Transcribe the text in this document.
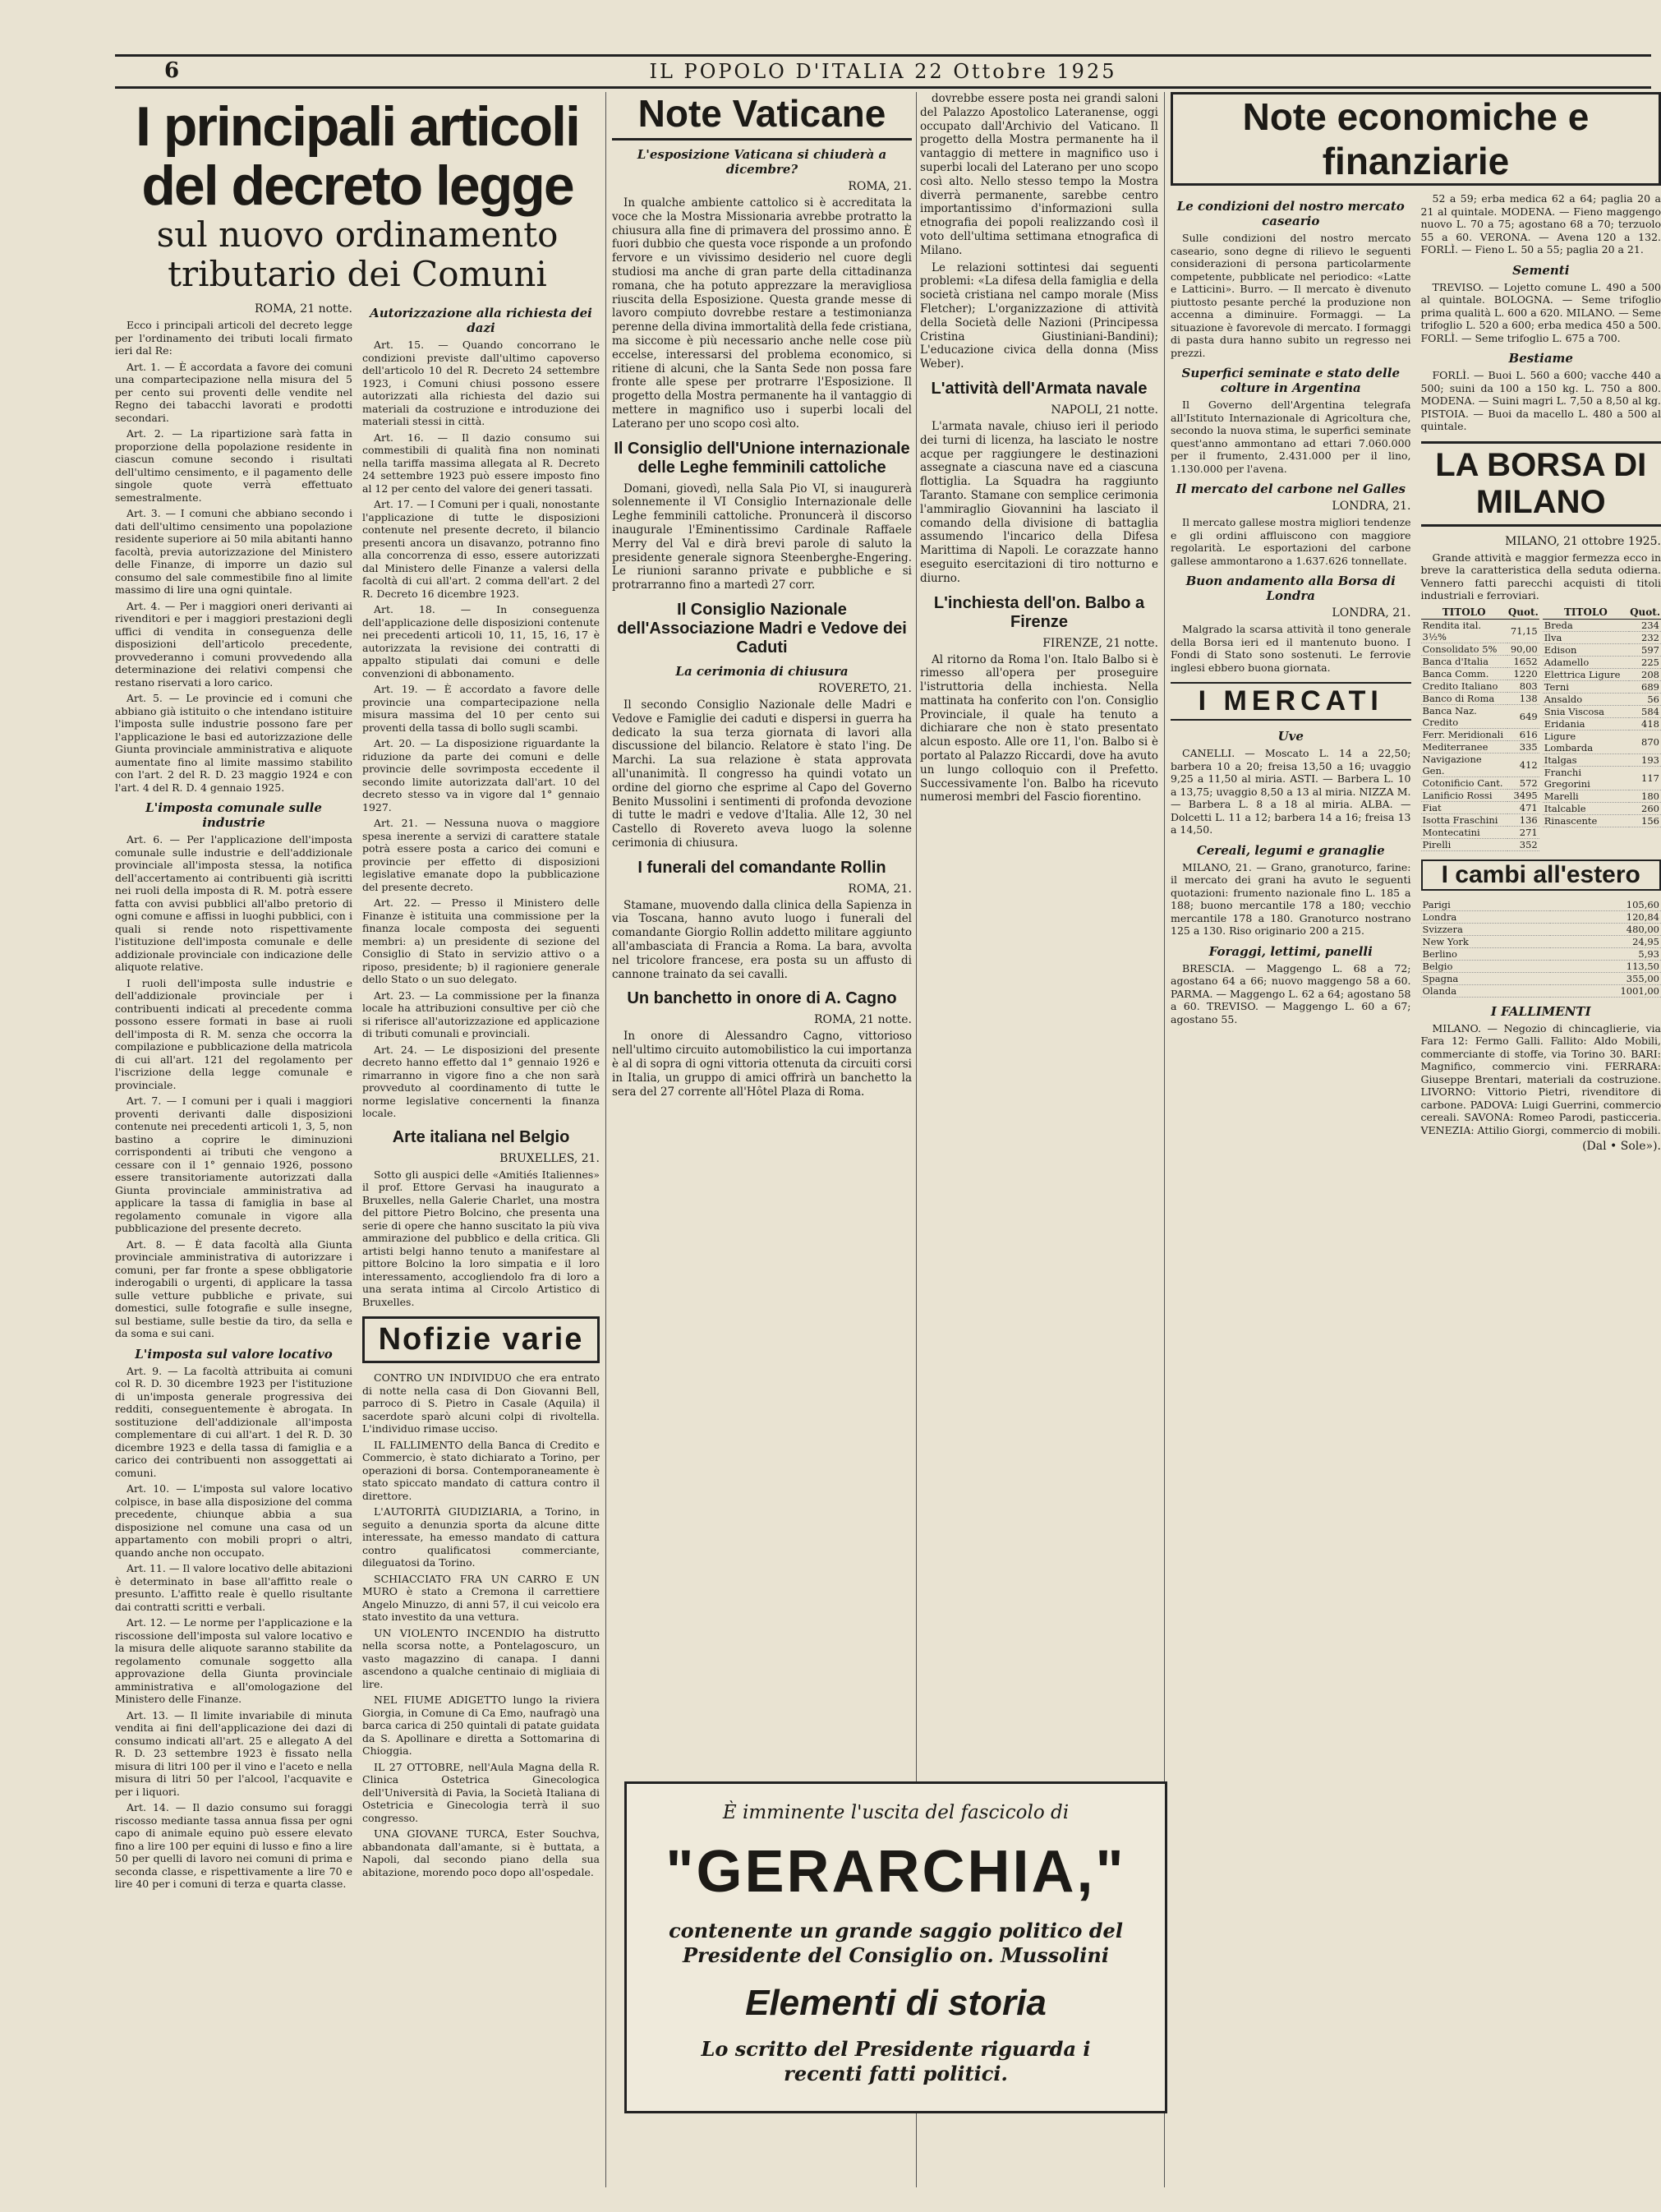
6	IL POPOLO D'ITALIA 22 Ottobre 1925
I principali articoli del decreto legge
sul nuovo ordinamento tributario dei Comuni
ROMA, 21 notte.

Ecco i principali articoli del decreto legge per l'ordinamento dei tributi locali firmato ieri dal Re:

Art. 1. — È accordata a favore dei comuni una compartecipazione nella misura del 5 per cento sui proventi delle vendite nel Regno dei tabacchi lavorati e prodotti secondari.

Art. 2. — La ripartizione sarà fatta in proporzione della popolazione residente in ciascun comune secondo i risultati dell'ultimo censimento, e il pagamento delle singole quote verrà effettuato semestralmente.

Art. 3. — I comuni che abbiano secondo i dati dell'ultimo censimento una popolazione residente superiore ai 50 mila abitanti hanno facoltà, previa autorizzazione del Ministero delle Finanze, di imporre un dazio sul consumo del sale commestibile fino al limite massimo di lire una ogni quintale.

Art. 4. — Per i maggiori oneri derivanti ai rivenditori e per i maggiori prestazioni degli uffici di vendita in conseguenza delle disposizioni dell'articolo precedente, provvederanno i comuni provvedendo alla determinazione dei relativi compensi che restano riservati a loro carico.

Art. 5. — Le provincie ed i comuni che abbiano già istituito o che intendano istituire l'imposta sulle industrie possono fare per l'applicazione le basi ed autorizzazione delle Giunta provinciale amministrativa e aliquote aumentate fino al limite massimo stabilito con l'art. 2 del R. D. 23 maggio 1924 e con l'art. 4 del R. D. 4 gennaio 1925.

L'imposta comunale sulle industrie

Art. 6. — Per l'applicazione dell'imposta comunale sulle industrie e dell'addizionale provinciale all'imposta stessa, la notifica dell'accertamento ai contribuenti già iscritti nei ruoli della imposta di R. M. potrà essere fatta con avvisi pubblici all'albo pretorio di ogni comune e affissi in luoghi pubblici, con i quali si rende noto rispettivamente l'istituzione dell'imposta comunale e delle addizionale provinciale con indicazione delle aliquote relative.

I ruoli dell'imposta sulle industrie e dell'addizionale provinciale per i contribuenti indicati al precedente comma possono essere formati in base ai ruoli dell'imposta di R. M. senza che occorra la compilazione e pubblicazione della matricola di cui all'art. 121 del regolamento per l'iscrizione della legge comunale e provinciale.

Art. 7. — I comuni per i quali i maggiori proventi derivanti dalle disposizioni contenute nei precedenti articoli 1, 3, 5, non bastino a coprire le diminuzioni corrispondenti ai tributi che vengono a cessare con il 1° gennaio 1926, possono essere transitoriamente autorizzati dalla Giunta provinciale amministrativa ad applicare la tassa di famiglia in base al regolamento comunale in vigore alla pubblicazione del presente decreto.

Art. 8. — È data facoltà alla Giunta provinciale amministrativa di autorizzare i comuni, per far fronte a spese obbligatorie inderogabili o urgenti, di applicare la tassa sulle vetture pubbliche e private, sui domestici, sulle fotografie e sulle insegne, sul bestiame, sulle bestie da tiro, da sella e da soma e sui cani.

L'imposta sul valore locativo

Art. 9. — La facoltà attribuita ai comuni col R. D. 30 dicembre 1923 per l'istituzione di un'imposta generale progressiva dei redditi, conseguentemente è abrogata. In sostituzione dell'addizionale all'imposta complementare di cui all'art. 1 del R. D. 30 dicembre 1923 e della tassa di famiglia e a carico dei contribuenti non assoggettati ai comuni.

Art. 10. — L'imposta sul valore locativo colpisce, in base alla disposizione del comma precedente, chiunque abbia a sua disposizione nel comune una casa od un appartamento con mobili propri o altri, quando anche non occupato.

Art. 11. — Il valore locativo delle abitazioni è determinato in base all'affitto reale o presunto. L'affitto reale è quello risultante dai contratti scritti e verbali.

Art. 12. — Le norme per l'applicazione e la riscossione dell'imposta sul valore locativo e la misura delle aliquote saranno stabilite da regolamento comunale soggetto alla approvazione della Giunta provinciale amministrativa e all'omologazione del Ministero delle Finanze.

Art. 13. — Il limite invariabile di minuta vendita ai fini dell'applicazione dei dazi di consumo indicati all'art. 25 e allegato A del R. D. 23 settembre 1923 è fissato nella misura di litri 100 per il vino e l'aceto e nella misura di litri 50 per l'alcool, l'acquavite e per i liquori.

Art. 14. — Il dazio consumo sui foraggi riscosso mediante tassa annua fissa per ogni capo di animale equino può essere elevato fino a lire 100 per equini di lusso e fino a lire 50 per quelli di lavoro nei comuni di prima e seconda classe, e rispettivamente a lire 70 e lire 40 per i comuni di terza e quarta classe.

Autorizzazione alla richiesta dei dazi

Art. 15. — Quando concorrano le condizioni previste dall'ultimo capoverso dell'articolo 10 del R. Decreto 24 settembre 1923, i Comuni chiusi possono essere autorizzati alla richiesta del dazio sui materiali da costruzione e introduzione dei materiali stessi in città.

Art. 16. — Il dazio consumo sui commestibili di qualità fina non nominati nella tariffa massima allegata al R. Decreto 24 settembre 1923 può essere imposto fino al 12 per cento del valore dei generi tassati.

Art. 17. — I Comuni per i quali, nonostante l'applicazione di tutte le disposizioni contenute nel presente decreto, il bilancio presenti ancora un disavanzo, potranno fino alla concorrenza di esso, essere autorizzati dal Ministero delle Finanze a valersi della facoltà di cui all'art. 2 comma dell'art. 2 del R. Decreto 16 dicembre 1923.

Art. 18. — In conseguenza dell'applicazione delle disposizioni contenute nei precedenti articoli 10, 11, 15, 16, 17 è autorizzata la revisione dei contratti di appalto stipulati dai comuni e delle convenzioni di abbonamento.

Art. 19. — È accordato a favore delle provincie una compartecipazione nella misura massima del 10 per cento sui proventi della tassa di bollo sugli scambi.

Art. 20. — La disposizione riguardante la riduzione da parte dei comuni e delle provincie delle sovrimposta eccedente il secondo limite autorizzata dall'art. 10 del decreto stesso va in vigore dal 1° gennaio 1927.

Art. 21. — Nessuna nuova o maggiore spesa inerente a servizi di carattere statale potrà essere posta a carico dei comuni e provincie per effetto di disposizioni legislative emanate dopo la pubblicazione del presente decreto.

Art. 22. — Presso il Ministero delle Finanze è istituita una commissione per la finanza locale composta dei seguenti membri: a) un presidente di sezione del Consiglio di Stato in servizio attivo o a riposo, presidente; b) il ragioniere generale dello Stato o un suo delegato.

Art. 23. — La commissione per la finanza locale ha attribuzioni consultive per ciò che si riferisce all'autorizzazione ed applicazione di tributi comunali e provinciali.

Art. 24. — Le disposizioni del presente decreto hanno effetto dal 1° gennaio 1926 e rimarranno in vigore fino a che non sarà provveduto al coordinamento di tutte le norme legislative concernenti la finanza locale.

Arte italiana nel Belgio
BRUXELLES, 21.

Sotto gli auspici delle «Amitiés Italiennes» il prof. Ettore Gervasi ha inaugurato a Bruxelles, nella Galerie Charlet, una mostra del pittore Pietro Bolcino, che presenta una serie di opere che hanno suscitato la più viva ammirazione del pubblico e della critica. Gli artisti belgi hanno tenuto a manifestare al pittore Bolcino la loro simpatia e il loro interessamento, accogliendolo fra di loro a una serata intima al Circolo Artistico di Bruxelles.

Nofizie varie

CONTRO UN INDIVIDUO che era entrato di notte nella casa di Don Giovanni Bell, parroco di S. Pietro in Casale (Aquila) il sacerdote sparò alcuni colpi di rivoltella. L'individuo rimase ucciso.

IL FALLIMENTO della Banca di Credito e Commercio, è stato dichiarato a Torino, per operazioni di borsa. Contemporaneamente è stato spiccato mandato di cattura contro il direttore.

L'AUTORITÀ GIUDIZIARIA, a Torino, in seguito a denunzia sporta da alcune ditte interessate, ha emesso mandato di cattura contro qualificatosi commerciante, dileguatosi da Torino.

SCHIACCIATO FRA UN CARRO E UN MURO è stato a Cremona il carrettiere Angelo Minuzzo, di anni 57, il cui veicolo era stato investito da una vettura.

UN VIOLENTO INCENDIO ha distrutto nella scorsa notte, a Pontelagoscuro, un vasto magazzino di canapa. I danni ascendono a qualche centinaio di migliaia di lire.

NEL FIUME ADIGETTO lungo la riviera Giorgia, in Comune di Ca Emo, naufragò una barca carica di 250 quintali di patate guidata da S. Apollinare e diretta a Sottomarina di Chioggia.

IL 27 OTTOBRE, nell'Aula Magna della R. Clinica Ostetrica Ginecologica dell'Università di Pavia, la Società Italiana di Ostetricia e Ginecologia terrà il suo congresso.

UNA GIOVANE TURCA, Ester Souchva, abbandonata dall'amante, si è buttata, a Napoli, dal secondo piano della sua abitazione, morendo poco dopo all'ospedale.

Note Vaticane
L'esposizione Vaticana si chiuderà a dicembre?
ROMA, 21.

In qualche ambiente cattolico si è accreditata la voce che la Mostra Missionaria avrebbe protratto la chiusura alla fine di primavera del prossimo anno. È fuori dubbio che questa voce risponde a un profondo fervore e un vivissimo desiderio nel cuore degli studiosi ma anche di gran parte della cittadinanza romana, che ha potuto apprezzare la meravigliosa riuscita della Esposizione. Questa grande messe di lavoro compiuto dovrebbe restare a testimonianza perenne della divina immortalità della fede cristiana, ma siccome è più necessario anche nelle cose più eccelse, interessarsi del problema economico, si ritiene di alcuni, che la Santa Sede non possa fare fronte alle spese per protrarre l'Esposizione. Il progetto della Mostra permanente ha il vantaggio di mettere in magnifico uso i superbi locali del Laterano per uno scopo così alto.

Il Consiglio dell'Unione internazionale delle Leghe femminili cattoliche

Domani, giovedì, nella Sala Pio VI, si inaugurerà solennemente il VI Consiglio Internazionale delle Leghe femminili cattoliche. Pronuncerà il discorso inaugurale l'Eminentissimo Cardinale Raffaele Merry del Val e dirà brevi parole di saluto la presidente generale signora Steenberghe-Engering. Le riunioni saranno private e pubbliche e si protrarranno fino a martedì 27 corr.

Il Consiglio Nazionale dell'Associazione Madri e Vedove dei Caduti
La cerimonia di chiusura
ROVERETO, 21.

Il secondo Consiglio Nazionale delle Madri e Vedove e Famiglie dei caduti e dispersi in guerra ha dedicato la sua terza giornata di lavori alla discussione del bilancio. Relatore è stato l'ing. De Marchi. La sua relazione è stata approvata all'unanimità. Il congresso ha quindi votato un ordine del giorno che esprime al Capo del Governo Benito Mussolini i sentimenti di profonda devozione di tutte le madri e vedove d'Italia. Alle 12, 30 nel Castello di Rovereto aveva luogo la solenne cerimonia di chiusura.

I funerali del comandante Rollin
ROMA, 21.

Stamane, muovendo dalla clinica della Sapienza in via Toscana, hanno avuto luogo i funerali del comandante Giorgio Rollin addetto militare aggiunto all'ambasciata di Francia a Roma. La bara, avvolta nel tricolore francese, era posta su un affusto di cannone trainato da sei cavalli.

Un banchetto in onore di A. Cagno
ROMA, 21 notte.

In onore di Alessandro Cagno, vittorioso nell'ultimo circuito automobilistico la cui importanza è al di sopra di ogni vittoria ottenuta da circuiti corsi in Italia, un gruppo di amici offrirà un banchetto la sera del 27 corrente all'Hôtel Plaza di Roma.

dovrebbe essere posta nei grandi saloni del Palazzo Apostolico Lateranense, oggi occupato dall'Archivio del Vaticano. Il progetto della Mostra permanente ha il vantaggio di mettere in magnifico uso i superbi locali del Laterano per uno scopo così alto. Nello stesso tempo la Mostra diverrà permanente, sarebbe centro importantissimo d'informazioni sulla etnografia dei popoli realizzando così il voto dell'ultima settimana etnografica di Milano.

Le relazioni sottintesi dai seguenti problemi: «La difesa della famiglia e della società cristiana nel campo morale (Miss Fletcher); L'organizzazione di attività della Società delle Nazioni (Principessa Cristina Giustiniani-Bandini); L'educazione civica della donna (Miss Weber).

L'attività dell'Armata navale
NAPOLI, 21 notte.

L'armata navale, chiuso ieri il periodo dei turni di licenza, ha lasciato le nostre acque per raggiungere le destinazioni assegnate a ciascuna nave ed a ciascuna flottiglia. La Squadra ha raggiunto Taranto. Stamane con semplice cerimonia l'ammiraglio Giovannini ha lasciato il comando della divisione di battaglia assumendo l'incarico della Difesa Marittima di Napoli. Le corazzate hanno eseguito esercitazioni di tiro notturno e diurno.

L'inchiesta dell'on. Balbo a Firenze
FIRENZE, 21 notte.

Al ritorno da Roma l'on. Italo Balbo si è rimesso all'opera per proseguire l'istruttoria della inchiesta. Nella mattinata ha conferito con l'on. Consiglio Provinciale, il quale ha tenuto a dichiarare che non è stato presentato alcun esposto. Alle ore 11, l'on. Balbo si è portato al Palazzo Riccardi, dove ha avuto un lungo colloquio con il Prefetto. Successivamente l'on. Balbo ha ricevuto numerosi membri del Fascio fiorentino.

È imminente l'uscita del fascicolo di
"GERARCHIA,"
contenente un grande saggio politico del Presidente del Consiglio on. Mussolini
Elementi di storia
Lo scritto del Presidente riguarda i recenti fatti politici.
Note economiche e finanziarie
Le condizioni del nostro mercato caseario

Sulle condizioni del nostro mercato caseario, sono degne di rilievo le seguenti considerazioni di persona particolarmente competente, pubblicate nel periodico: «Latte e Latticini». Burro. — Il mercato è divenuto piuttosto pesante perché la produzione non accenna a diminuire. Formaggi. — La situazione è favorevole di mercato. I formaggi di pasta dura hanno subito un regresso nei prezzi.

Superfici seminate e stato delle colture in Argentina

Il Governo dell'Argentina telegrafa all'Istituto Internazionale di Agricoltura che, secondo la nuova stima, le superfici seminate quest'anno ammontano ad ettari 7.060.000 per il frumento, 2.431.000 per il lino, 1.130.000 per l'avena.

Il mercato del carbone nel Galles
LONDRA, 21.

Il mercato gallese mostra migliori tendenze e gli ordini affluiscono con maggiore regolarità. Le esportazioni del carbone gallese ammontarono a 1.637.626 tonnellate.

Buon andamento alla Borsa di Londra
LONDRA, 21.

Malgrado la scarsa attività il tono generale della Borsa ieri ed il mantenuto buono. I Fondi di Stato sono sostenuti. Le ferrovie inglesi ebbero buona giornata.

I MERCATI
Uve

CANELLI. — Moscato L. 14 a 22,50; barbera 10 a 20; freisa 13,50 a 16; uvaggio 9,25 a 11,50 al miria. ASTI. — Barbera L. 10 a 13,75; uvaggio 8,50 a 13 al miria. NIZZA M. — Barbera L. 8 a 18 al miria. ALBA. — Dolcetti L. 11 a 12; barbera 14 a 16; freisa 13 a 14,50.

Cereali, legumi e granaglie

MILANO, 21. — Grano, granoturco, farine: il mercato dei grani ha avuto le seguenti quotazioni: frumento nazionale fino L. 185 a 188; buono mercantile 178 a 180; vecchio mercantile 178 a 180. Granoturco nostrano 125 a 130. Riso originario 200 a 215.

Foraggi, lettimi, panelli

BRESCIA. — Maggengo L. 68 a 72; agostano 64 a 66; nuovo maggengo 58 a 60. PARMA. — Maggengo L. 62 a 64; agostano 58 a 60. TREVISO. — Maggengo L. 60 a 67; agostano 55.

52 a 59; erba medica 62 a 64; paglia 20 a 21 al quintale. MODENA. — Fieno maggengo nuovo L. 70 a 75; agostano 68 a 70; terzuolo 55 a 60. VERONA. — Avena 120 a 132. FORLÌ. — Fieno L. 50 a 55; paglia 20 a 21.

Sementi

TREVISO. — Lojetto comune L. 490 a 500 al quintale. BOLOGNA. — Seme trifoglio prima qualità L. 600 a 620. MILANO. — Seme trifoglio L. 520 a 600; erba medica 450 a 500. FORLÌ. — Seme trifoglio L. 675 a 700.

Bestiame

FORLÌ. — Buoi L. 560 a 600; vacche 440 a 500; suini da 100 a 150 kg. L. 750 a 800. MODENA. — Suini magri L. 7,50 a 8,50 al kg. PISTOIA. — Buoi da macello L. 480 a 500 al quintale.

LA BORSA DI MILANO
MILANO, 21 ottobre 1925.

Grande attività e maggior fermezza ecco in breve la caratteristica della seduta odierna. Vennero fatti parecchi acquisti di titoli industriali e ferroviari.

TITOLO	Quot.
Rendita ital. 3½%	71,15
Consolidato 5%	90,00
Banca d'Italia	1652
Banca Comm.	1220
Credito Italiano	803
Banco di Roma	138
Banca Naz. Credito	649
Ferr. Meridionali	616
Mediterranee	335
Navigazione Gen.	412
Cotonificio Cant.	572
Lanificio Rossi	3495
Fiat	471
Isotta Fraschini	136
Montecatini	271
Pirelli	352
TITOLO	Quot.
Breda	234
Ilva	232
Edison	597
Adamello	225
Elettrica Ligure	208
Terni	689
Ansaldo	56
Snia Viscosa	584
Eridania	418
Ligure Lombarda	870
Italgas	193
Franchi Gregorini	117
Marelli	180
Italcable	260
Rinascente	156
I cambi all'estero
Parigi	105,60
Londra	120,84
Svizzera	480,00
New York	24,95
Berlino	5,93
Belgio	113,50
Spagna	355,00
Olanda	1001,00
I FALLIMENTI

MILANO. — Negozio di chincaglierie, via Fara 12: Fermo Galli. Fallito: Aldo Mobili, commerciante di stoffe, via Torino 30. BARI: Magnifico, commercio vini. FERRARA: Giuseppe Brentari, materiali da costruzione. LIVORNO: Vittorio Pietri, rivenditore di carbone. PADOVA: Luigi Guerrini, commercio cereali. SAVONA: Romeo Parodi, pasticceria. VENEZIA: Attilio Giorgi, commercio di mobili.

(Dal • Sole»).
